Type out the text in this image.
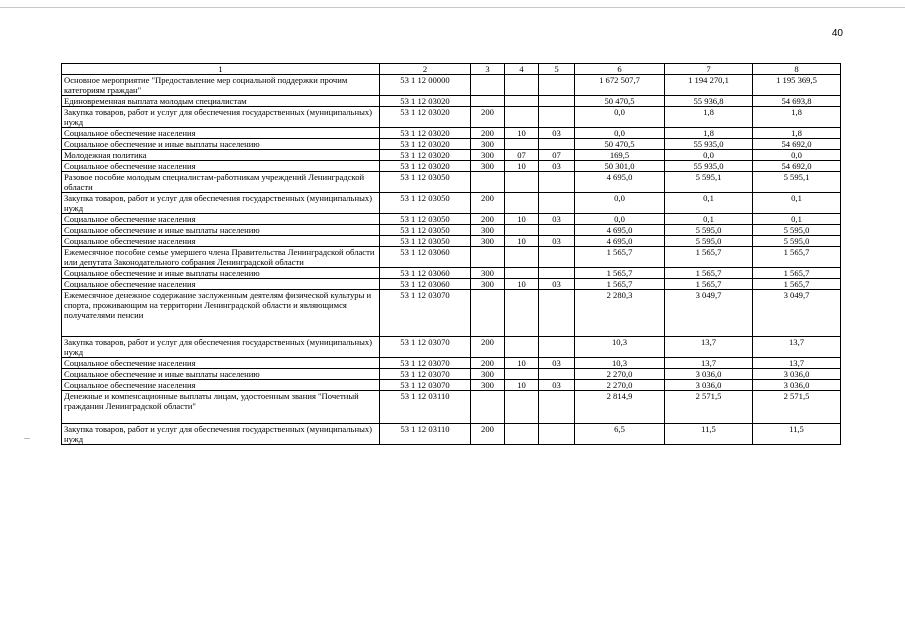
40
1	2	3	4	5	6	7	8
Основное мероприятие "Предоставление мер социальной поддержки прочим категориям граждан"	53 1 12 00000				1 672 507,7	1 194 270,1	1 195 369,5
Единовременная выплата молодым специалистам	53 1 12 03020				50 470,5	55 936,8	54 693,8
Закупка товаров, работ и услуг для обеспечения государственных (муниципальных) нужд	53 1 12 03020	200			0,0	1,8	1,8
Социальное обеспечение населения	53 1 12 03020	200	10	03	0,0	1,8	1,8
Социальное обеспечение и иные выплаты населению	53 1 12 03020	300			50 470,5	55 935,0	54 692,0
Молодежная политика	53 1 12 03020	300	07	07	169,5	0,0	0,0
Социальное обеспечение населения	53 1 12 03020	300	10	03	50 301,0	55 935,0	54 692,0
Разовое пособие молодым специалистам-работникам учреждений Ленинградской области	53 1 12 03050				4 695,0	5 595,1	5 595,1
Закупка товаров, работ и услуг для обеспечения государственных (муниципальных) нужд	53 1 12 03050	200			0,0	0,1	0,1
Социальное обеспечение населения	53 1 12 03050	200	10	03	0,0	0,1	0,1
Социальное обеспечение и иные выплаты населению	53 1 12 03050	300			4 695,0	5 595,0	5 595,0
Социальное обеспечение населения	53 1 12 03050	300	10	03	4 695,0	5 595,0	5 595,0
Ежемесячное пособие семье умершего члена Правительства Ленинградской области или депутата Законодательного собрания Ленинградской области	53 1 12 03060				1 565,7	1 565,7	1 565,7
Социальное обеспечение и иные выплаты населению	53 1 12 03060	300			1 565,7	1 565,7	1 565,7
Социальное обеспечение населения	53 1 12 03060	300	10	03	1 565,7	1 565,7	1 565,7
Ежемесячное денежное содержание заслуженным деятелям физической культуры и спорта, проживающим на территории Ленинградской области и являющимся получателями пенсии	53 1 12 03070				2 280,3	3 049,7	3 049,7
Закупка товаров, работ и услуг для обеспечения государственных (муниципальных) нужд	53 1 12 03070	200			10,3	13,7	13,7
Социальное обеспечение населения	53 1 12 03070	200	10	03	10,3	13,7	13,7
Социальное обеспечение и иные выплаты населению	53 1 12 03070	300			2 270,0	3 036,0	3 036,0
Социальное обеспечение населения	53 1 12 03070	300	10	03	2 270,0	3 036,0	3 036,0
Денежные и компенсационные выплаты лицам, удостоенным звания "Почетный гражданин Ленинградской области"	53 1 12 03110				2 814,9	2 571,5	2 571,5
Закупка товаров, работ и услуг для обеспечения государственных (муниципальных) нужд	53 1 12 03110	200			6,5	11,5	11,5
